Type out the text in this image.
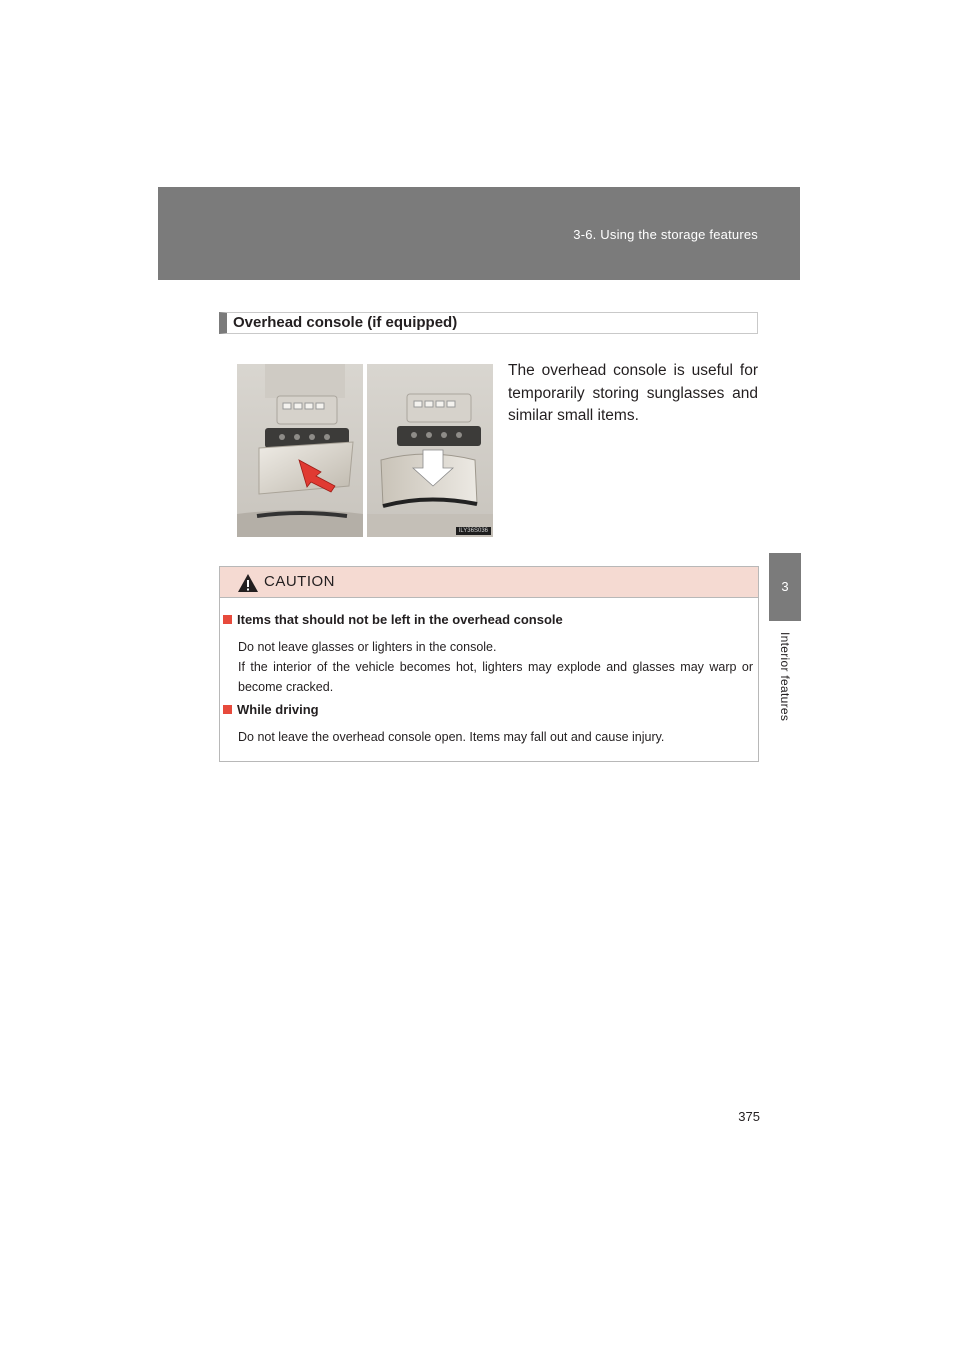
3-6. Using the storage features
3
Interior features
Overhead console (if equipped)
ILY36S036
The overhead console is useful for temporarily storing sunglasses and similar small items.
CAUTION
Items that should not be left in the overhead console
Do not leave glasses or lighters in the console.
If the interior of the vehicle becomes hot, lighters may explode and glasses may warp or become cracked.
While driving
Do not leave the overhead console open. Items may fall out and cause injury.
375
